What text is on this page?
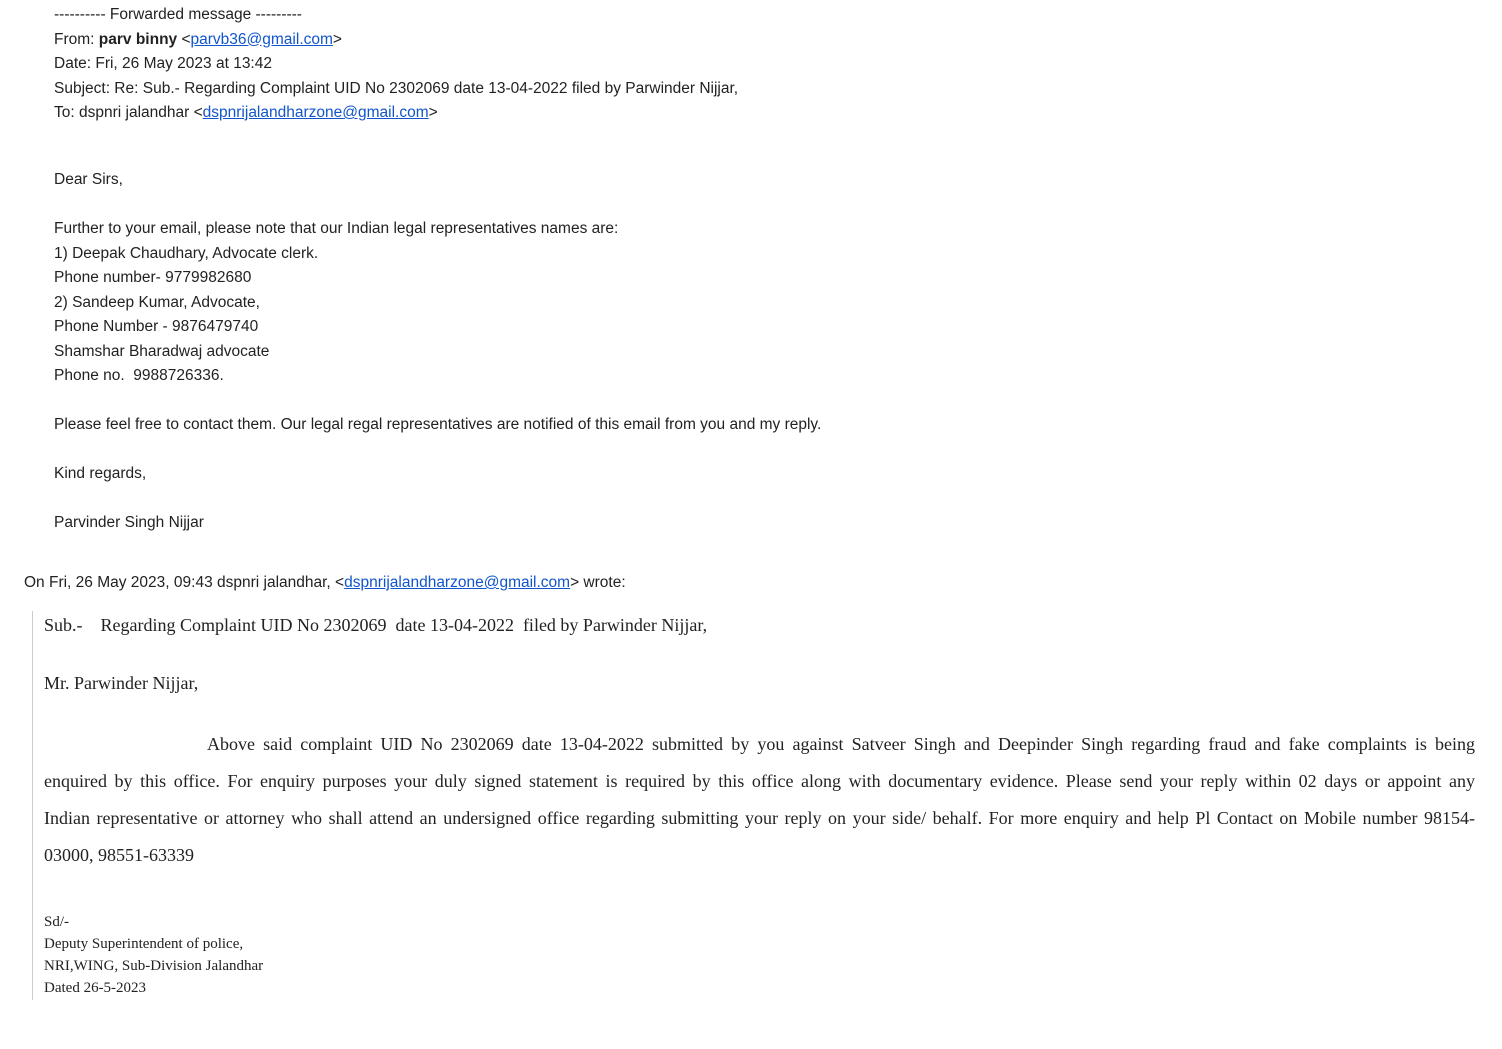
---------- Forwarded message ---------
From: parv binny <parvb36@gmail.com>
Date: Fri, 26 May 2023 at 13:42
Subject: Re: Sub.- Regarding Complaint UID No 2302069 date 13-04-2022 filed by Parwinder Nijjar,
To: dspnri jalandhar <dspnrijalandharzone@gmail.com>
Dear Sirs,
Further to your email, please note that our Indian legal representatives names are:
1) Deepak Chaudhary, Advocate clerk.
Phone number- 9779982680
2) Sandeep Kumar, Advocate,
Phone Number - 9876479740
Shamshar Bharadwaj advocate
Phone no.  9988726336.
Please feel free to contact them. Our legal regal representatives are notified of this email from you and my reply.
Kind regards,
Parvinder Singh Nijjar
On Fri, 26 May 2023, 09:43 dspnri jalandhar, <dspnrijalandharzone@gmail.com> wrote:
Sub.-    Regarding Complaint UID No 2302069  date 13-04-2022  filed by Parwinder Nijjar,
Mr. Parwinder Nijjar,
Above said complaint UID No 2302069 date 13-04-2022 submitted by you against Satveer Singh and Deepinder Singh regarding fraud and fake complaints is being
enquired by this office. For enquiry purposes your duly signed statement is required by this office along with documentary evidence. Please send your reply within 02 days or appoint any
Indian representative or attorney who shall attend an undersigned office regarding submitting your reply on your side/ behalf. For more enquiry and help Pl Contact on Mobile number 98154-
03000, 98551-63339
Sd/-
Deputy Superintendent of police,
NRI,WING, Sub-Division Jalandhar
Dated 26-5-2023
